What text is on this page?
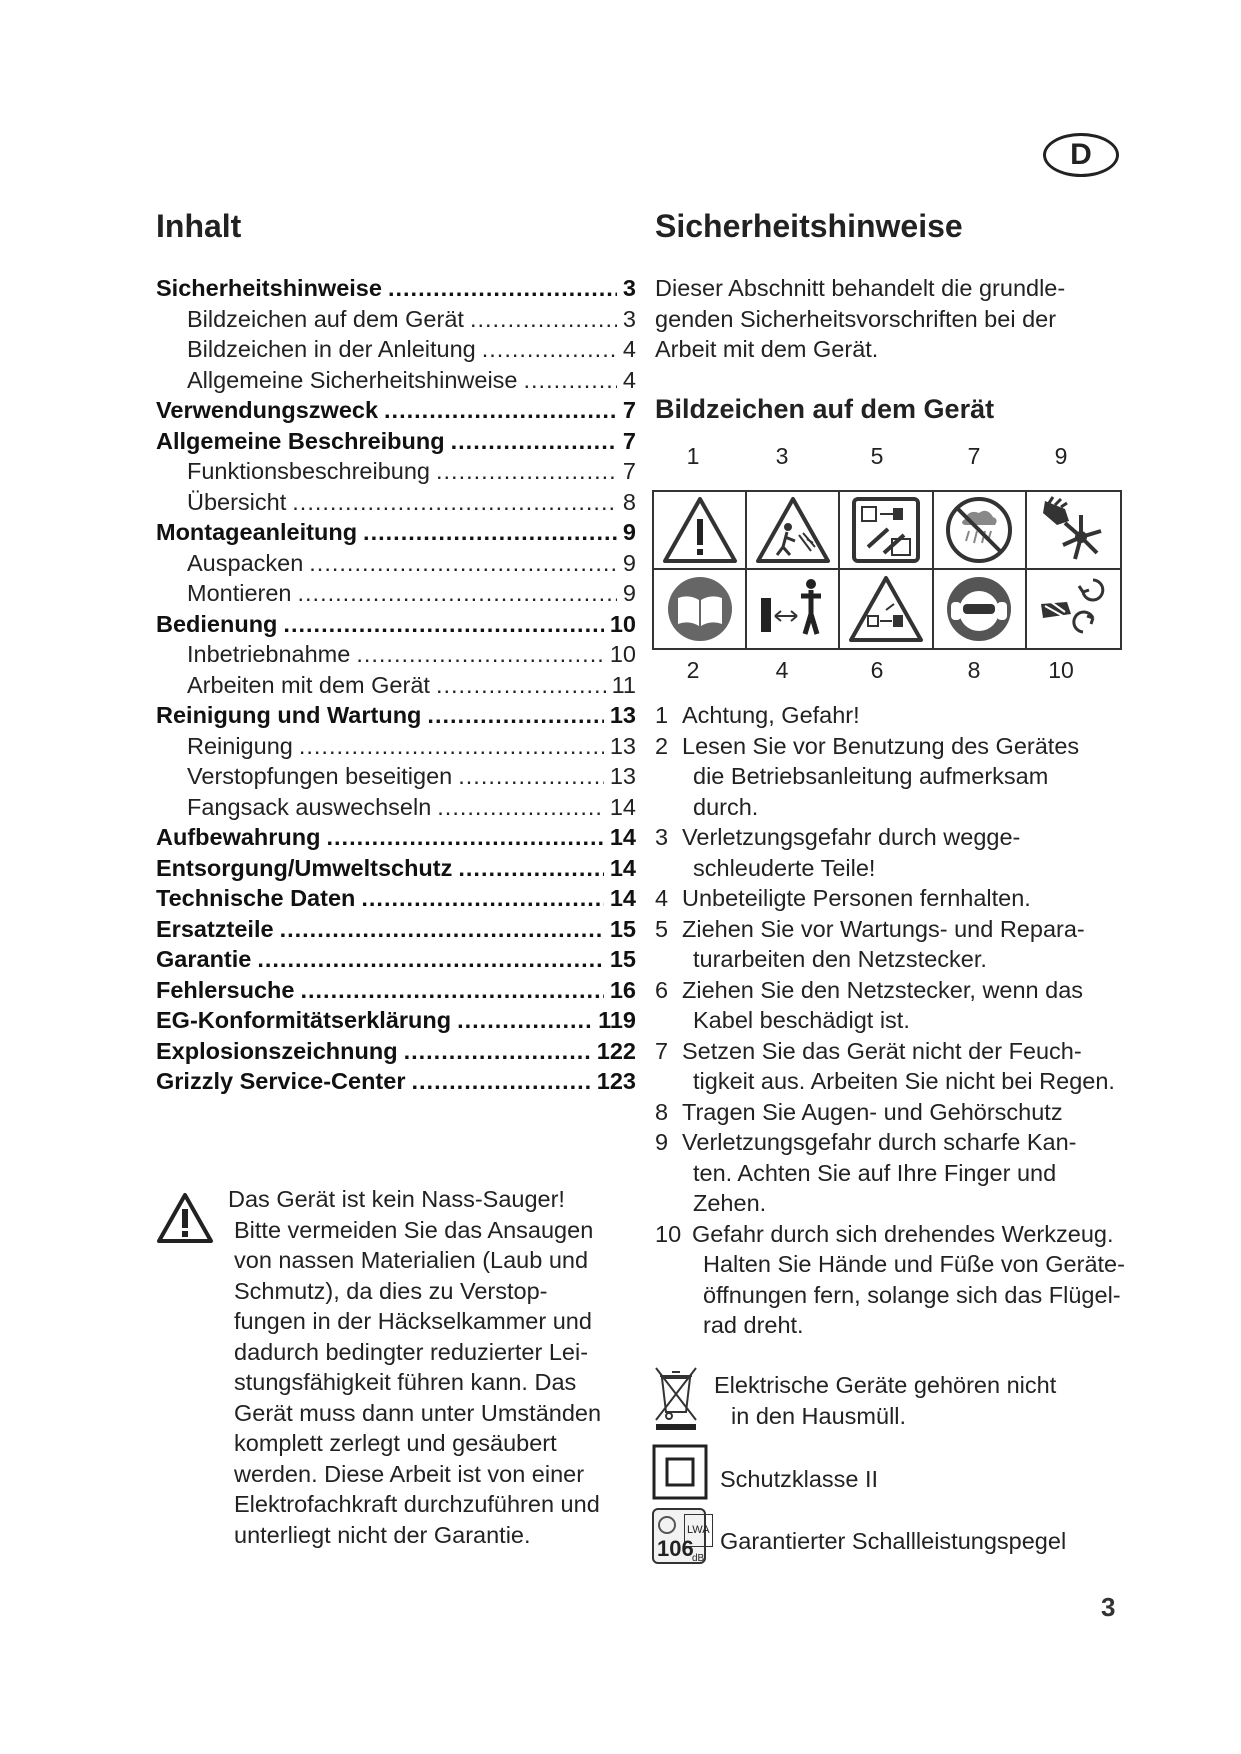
D
Inhalt	Sicherheitshinweise
Sicherheitshinweise .....	3
Bildzeichen auf dem Gerät .....	3
Bildzeichen in der Anleitung .....	4
Allgemeine Sicherheitshinweise .....	4
Verwendungszweck .....	7
Allgemeine Beschreibung .....	7
Funktionsbeschreibung .....	7
Übersicht .....	8
Montageanleitung .....	9
Auspacken .....	9
Montieren .....	9
Bedienung .....	10
Inbetriebnahme .....	10
Arbeiten mit dem Gerät .....	11
Reinigung und Wartung .....	13
Reinigung .....	13
Verstopfungen beseitigen .....	13
Fangsack auswechseln .....	14
Aufbewahrung .....	14
Entsorgung/Umweltschutz .....	14
Technische Daten .....	14
Ersatzteile .....	15
Garantie .....	15
Fehlersuche .....	16
EG-Konformitätserklärung .....	119
Explosionszeichnung .....	122
Grizzly Service-Center .....	123
Das Gerät ist kein Nass-Sauger!
Bitte vermeiden Sie das Ansaugen
von nassen Materialien (Laub und
Schmutz), da dies zu Verstop-
fungen in der Häckselkammer und
dadurch bedingter reduzierter Lei-
stungsfähigkeit führen kann. Das
Gerät muss dann unter Umständen
komplett zerlegt und gesäubert
werden. Diese Arbeit ist von einer
Elektrofachkraft durchzuführen und
unterliegt nicht der Garantie.
Dieser Abschnitt behandelt die grundle-
genden Sicherheitsvorschriften bei der
Arbeit mit dem Gerät.
Bildzeichen auf dem Gerät
1	3	5	7	9
2	4	6	8	10
1 Achtung, Gefahr!
2 Lesen Sie vor Benutzung des Gerätes
die Betriebsanleitung aufmerksam
durch.
3 Verletzungsgefahr durch wegge-
schleuderte Teile!
4 Unbeteiligte Personen fernhalten.
5 Ziehen Sie vor Wartungs- und Repara-
turarbeiten den Netzstecker.
6 Ziehen Sie den Netzstecker, wenn das
Kabel beschädigt ist.
7 Setzen Sie das Gerät nicht der Feuch-
tigkeit aus. Arbeiten Sie nicht bei Regen.
8 Tragen Sie Augen- und Gehörschutz
9 Verletzungsgefahr durch scharfe Kan-
ten. Achten Sie auf Ihre Finger und
Zehen.
10 Gefahr durch sich drehendes Werkzeug.
Halten Sie Hände und Füße von Geräte-
öffnungen fern, solange sich das Flügel-
rad dreht.
Elektrische Geräte gehören nicht
in den Hausmüll.
Schutzklasse II
LWA
106
dB
Garantierter Schallleistungspegel
3
